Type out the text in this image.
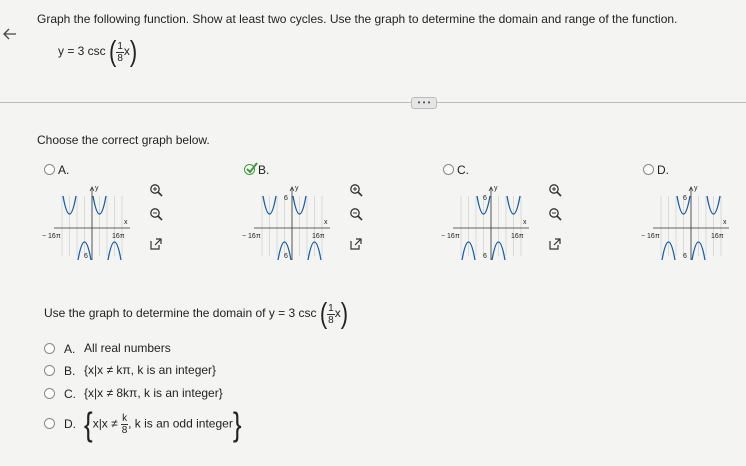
Graph the following function. Show at least two cycles. Use the graph to determine the domain and range of the function.
y = 3 csc ( $\frac{1}{8} x$)
• • •
Choose the correct graph below.
A.
y
x
− 16π	16π
6
B.
y
x
− 16π	16π
6
6
C.
y
x
− 16π	16π
6
6
D.
y
x
− 16π	16π
6
6
Use the graph to determine the domain of y = 3 csc ( $\frac{1}{8} x$)
A. All real numbers
B. {x|x ≠ kπ, k is an integer}
C. {x|x ≠ 8kπ, k is an integer}
D. {$x|x \ne \frac{k}{8}$ , k is an odd integer}
